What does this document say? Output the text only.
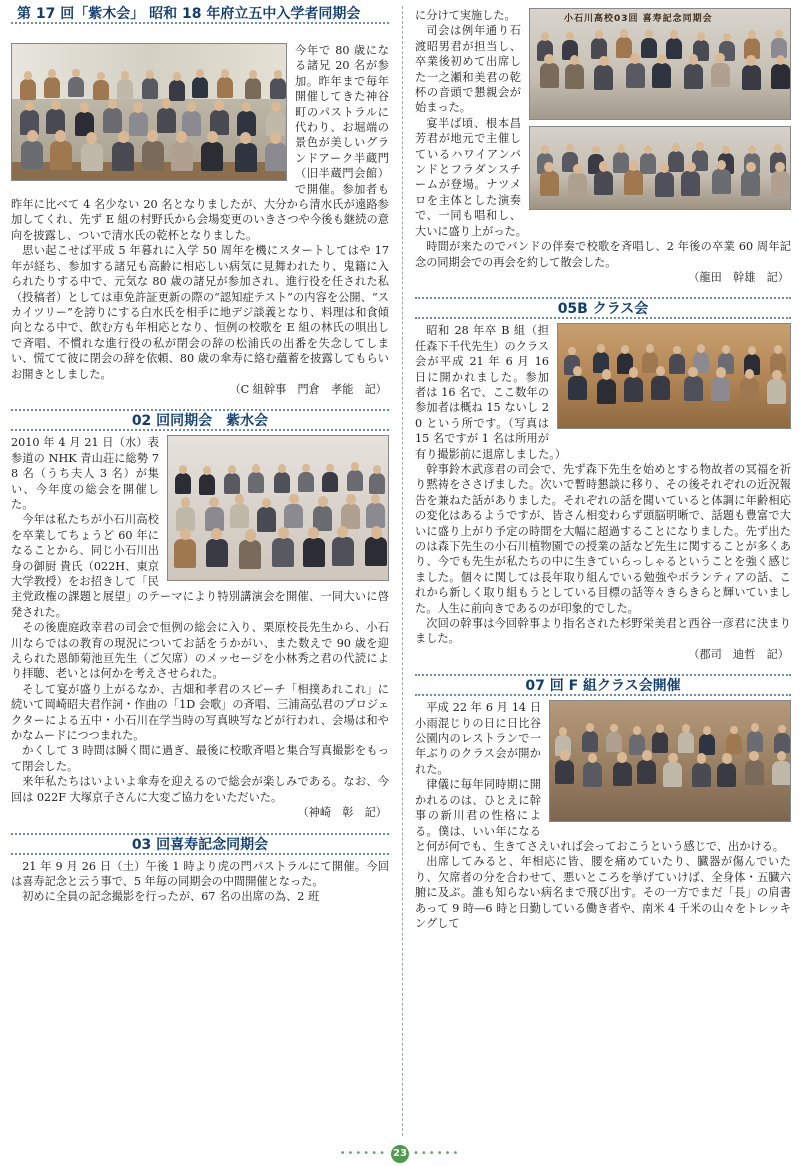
第 17 回「紫木会」 昭和 18 年府立五中入学者同期会

今年で 80 歳になる諸兄 20 名が参加。昨年まで毎年開催してきた神谷町のパストラルに代わり、お堀端の景色が美しいグランドアーク半蔵門（旧半蔵門会館）で開催。参加者も昨年に比べて 4 名少ない 20 名となりましたが、大分から清水氏が遠路参加してくれ、先ず E 組の村野氏から会場変更のいきさつや今後も継続の意向を披露し、ついで清水氏の乾杯となりました。

思い起こせば平成 5 年暮れに入学 50 周年を機にスタートしてはや 17 年が経ち、参加する諸兄も高齢に相応しい病気に見舞われたり、鬼籍に入られたりする中で、元気な 80 歳の諸兄が参加され、進行役を任された私（投稿者）としては車免許証更新の際の“認知症テスト”の内容を公開、“スカイツリー”を誇りにする白水氏を相手に地デジ談義となり、料理は和食傾向となる中で、飲む方も年相応となり、恒例の校歌を E 組の林氏の唄出しで斉唱、不慣れな進行役の私が閉会の辞の松浦氏の出番を失念してしまい、慌てて彼に閉会の辞を依頼、80 歳の傘寿に絡む蘊蓄を披露してもらいお開きとしました。

（C 組幹事　門倉　孝能　記）

02 回同期会　紫水会

2010 年 4 月 21 日（水）表参道の NHK 青山荘に総勢 78 名（うち夫人 3 名）が集い、今年度の総会を開催した。

今年は私たちが小石川高校を卒業してちょうど 60 年になることから、同じ小石川出身の御厨 貴氏（022H、東京大学教授）をお招きして「民主党政権の課題と展望」のテーマにより特別講演会を開催、一同大いに啓発された。

その後鹿庭政幸君の司会で恒例の総会に入り、栗原校長先生から、小石川ならではの教育の現況についてお話をうかがい、また数えで 90 歳を迎えられた恩師菊池亘先生（ご欠席）のメッセージを小林秀之君の代読により拝聴、老いとは何かを考えさせられた。

そして宴が盛り上がるなか、古畑和孝君のスピーチ「相撲あれこれ」に続いて岡崎昭夫君作詞・作曲の「1D 会歌」の斉唱、三浦高弘君のプロジェクターによる五中・小石川在学当時の写真映写などが行われ、会場は和やかなムードにつつまれた。

かくして 3 時間は瞬く間に過ぎ、最後に校歌斉唱と集合写真撮影をもって閉会した。

来年私たちはいよいよ傘寿を迎えるので総会が楽しみである。なお、今回は 022F 大塚京子さんに大変ご協力をいただいた。

（神崎　彰　記）

03 回喜寿記念同期会

21 年 9 月 26 日（土）午後 1 時より虎の門パストラルにて開催。今回は喜寿記念と云う事で、5 年毎の同期会の中間開催となった。

初めに全員の記念撮影を行ったが、67 名の出席の為、2 班

小石川高校03回 喜寿記念同期会

に分けて実施した。

司会は例年通り石渡昭男君が担当し、卒業後初めて出席した一之瀬和美君の乾杯の音頭で懇親会が始まった。

宴半ば頃、根本昌芳君が地元で主催しているハワイアンバンドとフラダンスチームが登場。ナツメロを主体とした演奏で、一同も唱和し、大いに盛り上がった。

時間が来たのでバンドの伴奏で校歌を斉唱し、2 年後の卒業 60 周年記念の同期会での再会を約して散会した。

（龍田　幹雄　記）

05B クラス会

昭和 28 年卒 B 組（担任森下千代先生）のクラス会が平成 21 年 6 月 16 日に開かれました。参加者は 16 名で、ここ数年の参加者は概ね 15 ないし 20 という所です。（写真は 15 名ですが 1 名は所用が有り撮影前に退席しました。）

幹事鈴木武彦君の司会で、先ず森下先生を始めとする物故者の冥福を祈り黙祷をささげました。次いで暫時懇談に移り、その後それぞれの近況報告を兼ねた話がありました。それぞれの話を聞いていると体調に年齢相応の変化はあるようですが、皆さん相変わらず頭脳明晰で、話題も豊富で大いに盛り上がり予定の時間を大幅に超過することになりました。先ず出たのは森下先生の小石川植物園での授業の話など先生に関することが多くあり、今でも先生が私たちの中に生きていらっしゃるということを強く感じました。個々に関しては長年取り組んでいる勉強やボランティアの話、これから新しく取り組もうとしている目標の話等々きらきらと輝いていました。人生に前向きであるのが印象的でした。

次回の幹事は今回幹事より指名された杉野栄美君と西谷一彦君に決まりました。

（郡司　迪哲　記）

07 回 F 組クラス会開催

平成 22 年 6 月 14 日小雨混じりの日に日比谷公園内のレストランで一年ぶりのクラス会が開かれた。

律儀に毎年同時期に開かれるのは、ひとえに幹事の新川君の性格による。僕は、いい年になると何が何でも、生きてさえいれば会っておこうという感じで、出かける。

出席してみると、年相応に皆、腰を痛めていたり、臓器が傷んでいたり、欠席者の分を合わせて、悪いところを挙げていけば、全身体・五臓六腑に及ぶ。誰も知らない病名まで飛び出す。その一方でまだ「長」の肩書あって 9 時—6 時と日勤している働き者や、南米 4 千米の山々をトレッキングして

•••••• 23 ••••••
